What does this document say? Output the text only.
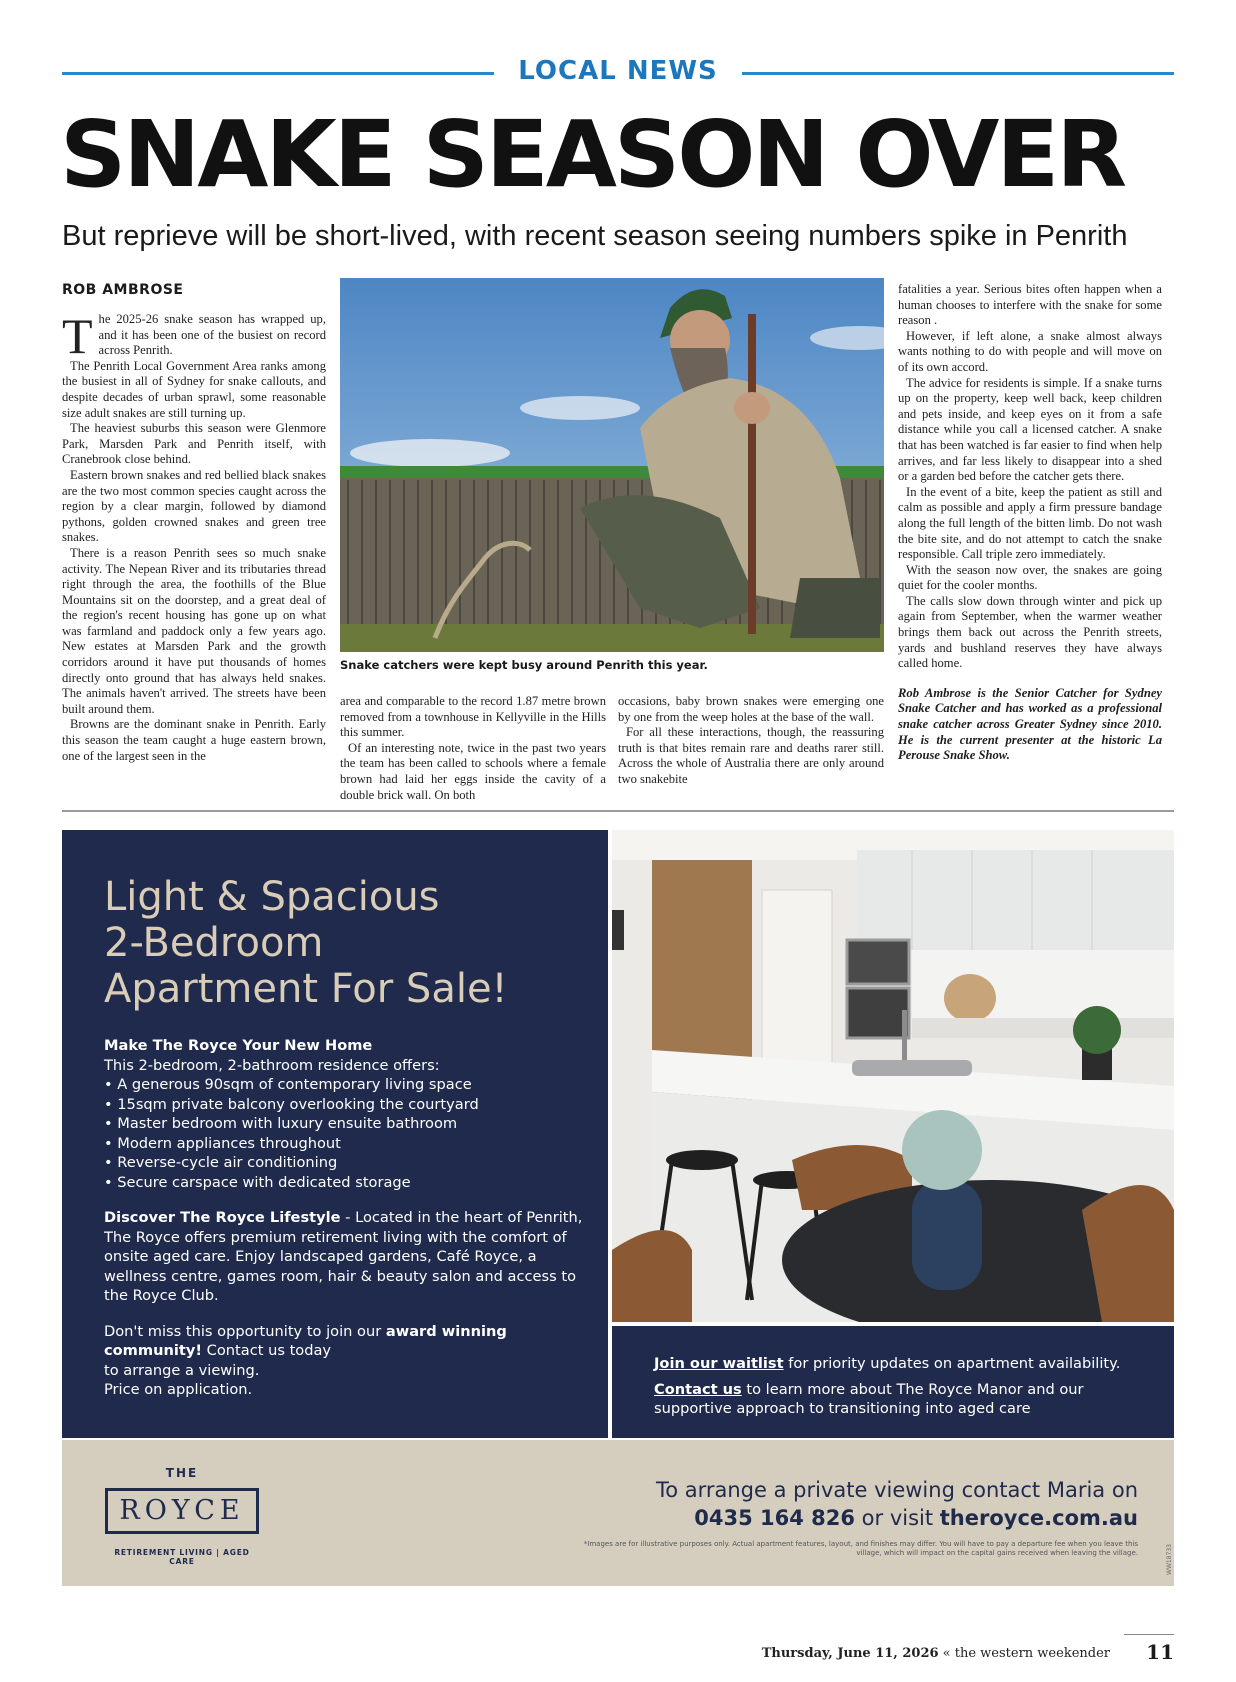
LOCAL NEWS
SNAKE SEASON OVER
But reprieve will be short-lived, with recent season seeing numbers spike in Penrith
ROB AMBROSE

The 2025-26 snake season has wrapped up, and it has been one of the busiest on record across Penrith.

The Penrith Local Government Area ranks among the busiest in all of Sydney for snake callouts, and despite decades of urban sprawl, some reasonable size adult snakes are still turning up.

The heaviest suburbs this season were Glenmore Park, Marsden Park and Penrith itself, with Cranebrook close behind.

Eastern brown snakes and red bellied black snakes are the two most common species caught across the region by a clear margin, followed by diamond pythons, golden crowned snakes and green tree snakes.

There is a reason Penrith sees so much snake activity. The Nepean River and its tributaries thread right through the area, the foothills of the Blue Mountains sit on the doorstep, and a great deal of the region's recent housing has gone up on what was farmland and paddock only a few years ago. New estates at Marsden Park and the growth corridors around it have put thousands of homes directly onto ground that has always held snakes. The animals haven't arrived. The streets have been built around them.

Browns are the dominant snake in Penrith. Early this season the team caught a huge eastern brown, one of the largest seen in the

Snake catchers were kept busy around Penrith this year.

area and comparable to the record 1.87 metre brown removed from a townhouse in Kellyville in the Hills this summer.

Of an interesting note, twice in the past two years the team has been called to schools where a female brown had laid her eggs inside the cavity of a double brick wall. On both

occasions, baby brown snakes were emerging one by one from the weep holes at the base of the wall.

For all these interactions, though, the reassuring truth is that bites remain rare and deaths rarer still. Across the whole of Australia there are only around two snakebite

fatalities a year. Serious bites often happen when a human chooses to interfere with the snake for some reason .

However, if left alone, a snake almost always wants nothing to do with people and will move on of its own accord.

The advice for residents is simple. If a snake turns up on the property, keep well back, keep children and pets inside, and keep eyes on it from a safe distance while you call a licensed catcher. A snake that has been watched is far easier to find when help arrives, and far less likely to disappear into a shed or a garden bed before the catcher gets there.

In the event of a bite, keep the patient as still and calm as possible and apply a firm pressure bandage along the full length of the bitten limb. Do not wash the bite site, and do not attempt to catch the snake responsible. Call triple zero immediately.

With the season now over, the snakes are going quiet for the cooler months.

The calls slow down through winter and pick up again from September, when the warmer weather brings them back out across the Penrith streets, yards and bushland reserves they have always called home.

Rob Ambrose is the Senior Catcher for Sydney Snake Catcher and has worked as a professional snake catcher across Greater Sydney since 2010. He is the current presenter at the historic La Perouse Snake Show.

Light & Spacious
2-Bedroom
Apartment For Sale!
Make The Royce Your New Home
This 2-bedroom, 2-bathroom residence offers:
• A generous 90sqm of contemporary living space
• 15sqm private balcony overlooking the courtyard
• Master bedroom with luxury ensuite bathroom
• Modern appliances throughout
• Reverse-cycle air conditioning
• Secure carspace with dedicated storage
Discover The Royce Lifestyle - Located in the heart of Penrith, The Royce offers premium retirement living with the comfort of onsite aged care. Enjoy landscaped gardens, Café Royce, a wellness centre, games room, hair & beauty salon and access to the Royce Club.
Don't miss this opportunity to join our award winning community! Contact us today
to arrange a viewing.
Price on application.
Join our waitlist for priority updates on apartment availability.
Contact us to learn more about The Royce Manor and our supportive approach to transitioning into aged care
THE
ROYCE
RETIREMENT LIVING | AGED CARE
To arrange a private viewing contact Maria on
0435 164 826 or visit theroyce.com.au
*Images are for illustrative purposes only. Actual apartment features, layout, and finishes may differ. You will have to pay a departure fee when you leave this village, which will impact on the capital gains received when leaving the village.	WW18733
Thursday, June 11, 2026 « the western weekender	11
